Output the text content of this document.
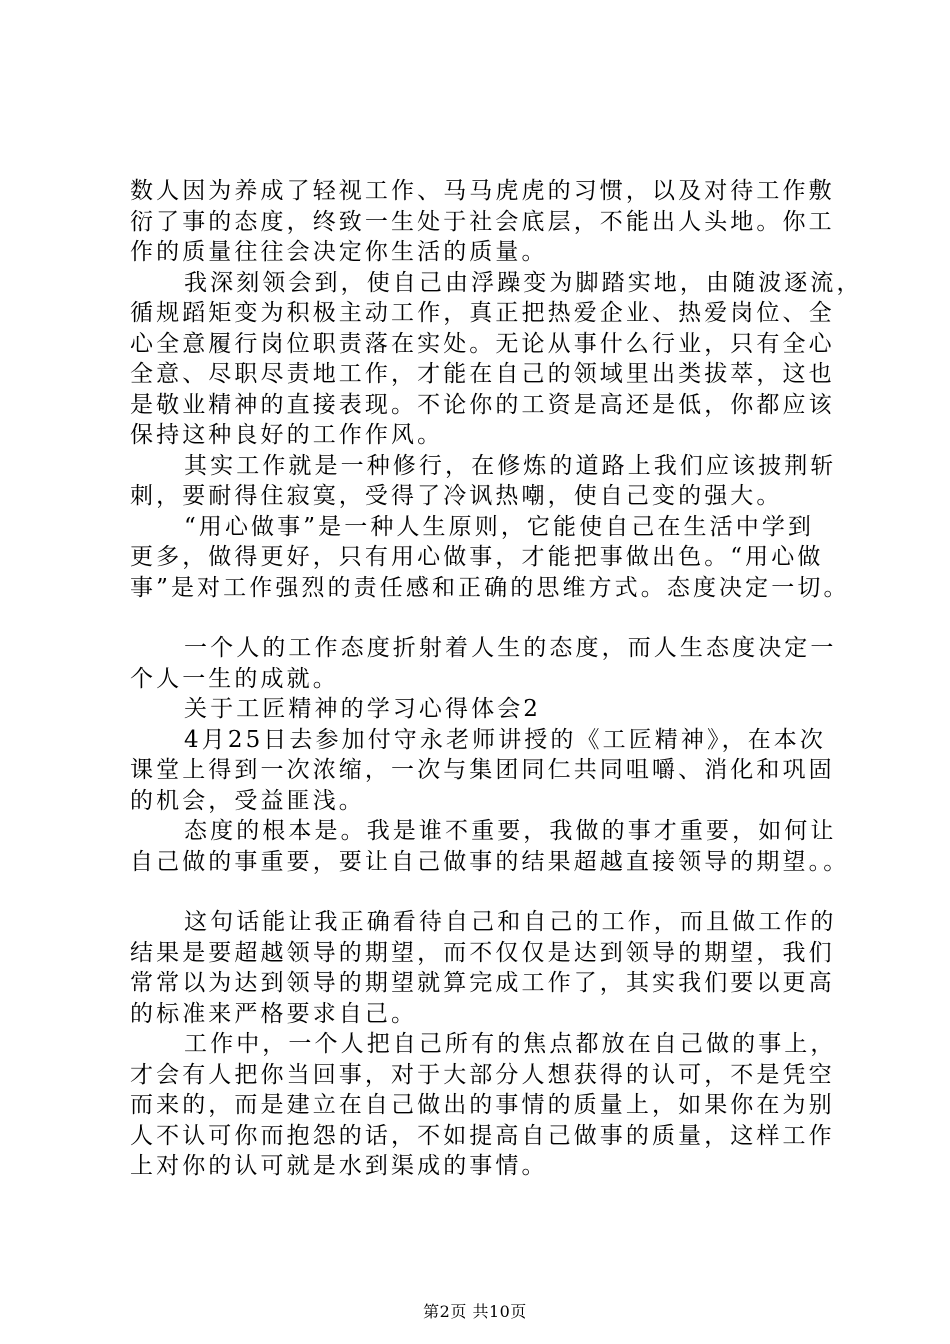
数人因为养成了轻视工作、马马虎虎的习惯，以及对待工作敷
衍了事的态度，终致一生处于社会底层，不能出人头地。你工
作的质量往往会决定你生活的质量。
我深刻领会到，使自己由浮躁变为脚踏实地，由随波逐流，
循规蹈矩变为积极主动工作，真正把热爱企业、热爱岗位、全
心全意履行岗位职责落在实处。无论从事什么行业，只有全心
全意、尽职尽责地工作，才能在自己的领域里出类拔萃，这也
是敬业精神的直接表现。不论你的工资是高还是低，你都应该
保持这种良好的工作作风。
其实工作就是一种修行，在修炼的道路上我们应该披荆斩
刺，要耐得住寂寞，受得了冷讽热嘲，使自己变的强大。
“用心做事”是一种人生原则，它能使自己在生活中学到
更多，做得更好，只有用心做事，才能把事做出色。“用心做
事”是对工作强烈的责任感和正确的思维方式。态度决定一切。
一个人的工作态度折射着人生的态度，而人生态度决定一
个人一生的成就。
关于工匠精神的学习心得体会2
4月25日去参加付守永老师讲授的《工匠精神》，在本次
课堂上得到一次浓缩，一次与集团同仁共同咀嚼、消化和巩固
的机会，受益匪浅。
态度的根本是。我是谁不重要，我做的事才重要，如何让
自己做的事重要，要让自己做事的结果超越直接领导的期望。。
这句话能让我正确看待自己和自己的工作，而且做工作的
结果是要超越领导的期望，而不仅仅是达到领导的期望，我们
常常以为达到领导的期望就算完成工作了，其实我们要以更高
的标准来严格要求自己。
工作中，一个人把自己所有的焦点都放在自己做的事上，
才会有人把你当回事，对于大部分人想获得的认可，不是凭空
而来的，而是建立在自己做出的事情的质量上，如果你在为别
人不认可你而抱怨的话，不如提高自己做事的质量，这样工作
上对你的认可就是水到渠成的事情。
第2页 共10页
